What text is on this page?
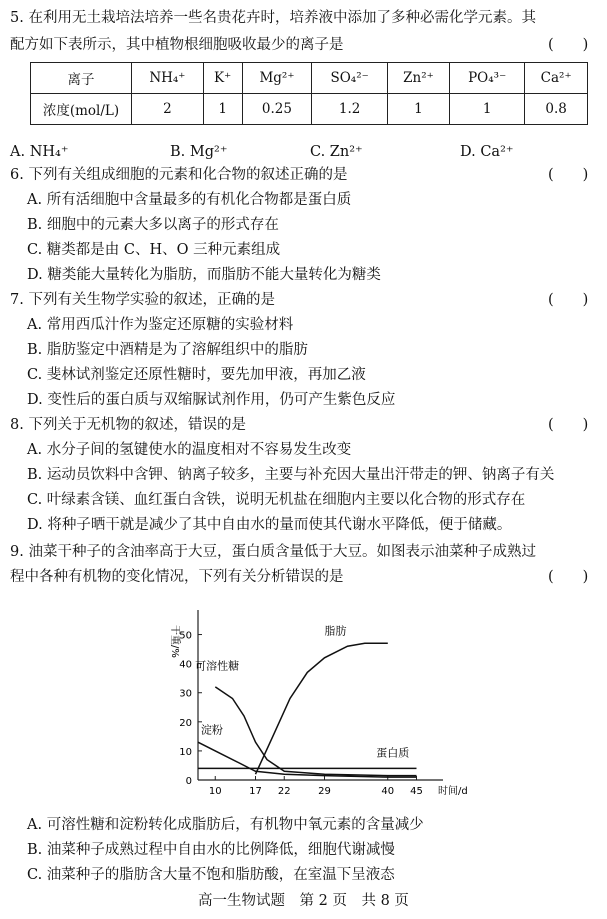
5. 在利用无土栽培法培养一些名贵花卉时，培养液中添加了多种必需化学元素。其
配方如下表所示，其中植物根细胞吸收最少的离子是	(　　)
离子	NH₄⁺	K⁺	Mg²⁺	SO₄²⁻	Zn²⁺	PO₄³⁻	Ca²⁺
浓度(mol/L)	2	1	0.25	1.2	1	1	0.8
A. NH₄⁺	B. Mg²⁺	C. Zn²⁺	D. Ca²⁺
6. 下列有关组成细胞的元素和化合物的叙述正确的是	(　　)
A. 所有活细胞中含量最多的有机化合物都是蛋白质
B. 细胞中的元素大多以离子的形式存在
C. 糖类都是由 C、H、O 三种元素组成
D. 糖类能大量转化为脂肪，而脂肪不能大量转化为糖类
7. 下列有关生物学实验的叙述，正确的是	(　　)
A. 常用西瓜汁作为鉴定还原糖的实验材料
B. 脂肪鉴定中酒精是为了溶解组织中的脂肪
C. 斐林试剂鉴定还原性糖时，要先加甲液，再加乙液
D. 变性后的蛋白质与双缩脲试剂作用，仍可产生紫色反应
8. 下列关于无机物的叙述，错误的是	(　　)
A. 水分子间的氢键使水的温度相对不容易发生改变
B. 运动员饮料中含钾、钠离子较多，主要与补充因大量出汗带走的钾、钠离子有关
C. 叶绿素含镁、血红蛋白含铁，说明无机盐在细胞内主要以化合物的形式存在
D. 将种子晒干就是减少了其中自由水的量而使其代谢水平降低，便于储藏。
9. 油菜干种子的含油率高于大豆，蛋白质含量低于大豆。如图表示油菜种子成熟过
程中各种有机物的变化情况，下列有关分析错误的是	(　　)
0
10
20
30
40
50
10	17 22	29	40 45
干重/%
时间/d
脂肪
可溶性糖
淀粉
蛋白质
A. 可溶性糖和淀粉转化成脂肪后，有机物中氧元素的含量减少
B. 油菜种子成熟过程中自由水的比例降低，细胞代谢减慢
C. 油菜种子的脂肪含大量不饱和脂肪酸，在室温下呈液态
高一生物试题　第 2 页　共 8 页
